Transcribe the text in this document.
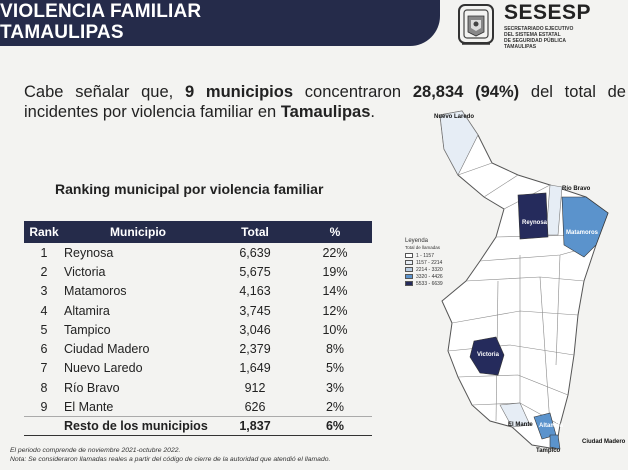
VIOLENCIA FAMILIAR
TAMAULIPAS
SESESP
SECRETARIADO EJECUTIVO
DEL SISTEMA ESTATAL
DE SEGURIDAD PÚBLICA
TAMAULIPAS

Cabe señalar que, 9 municipios concentraron 28,834 (94%) del total de incidentes por violencia familiar en Tamaulipas.

Ranking municipal por violencia familiar
Rank	Municipio	Total	%
1	Reynosa	6,639	22%
2	Victoria	5,675	19%
3	Matamoros	4,163	14%
4	Altamira	3,745	12%
5	Tampico	3,046	10%
6	Ciudad Madero	2,379	8%
7	Nuevo Laredo	1,649	5%
8	Río Bravo	912	3%
9	El Mante	626	2%
	Resto de los municipios	1,837	6%
El periodo comprende de noviembre 2021-octubre 2022.
Nota: Se consideraron llamadas reales a partir del código de cierre de la autoridad que atendió el llamado.
Nuevo Laredo
Río Bravo
Reynosa
Matamoros
Victoria
El Mante Altamira
Ciudad Madero
Tampico
Leyenda
Total de llamadas
1 - 1157
1157 - 2214
2214 - 3320
3320 - 4426
5533 - 6639
